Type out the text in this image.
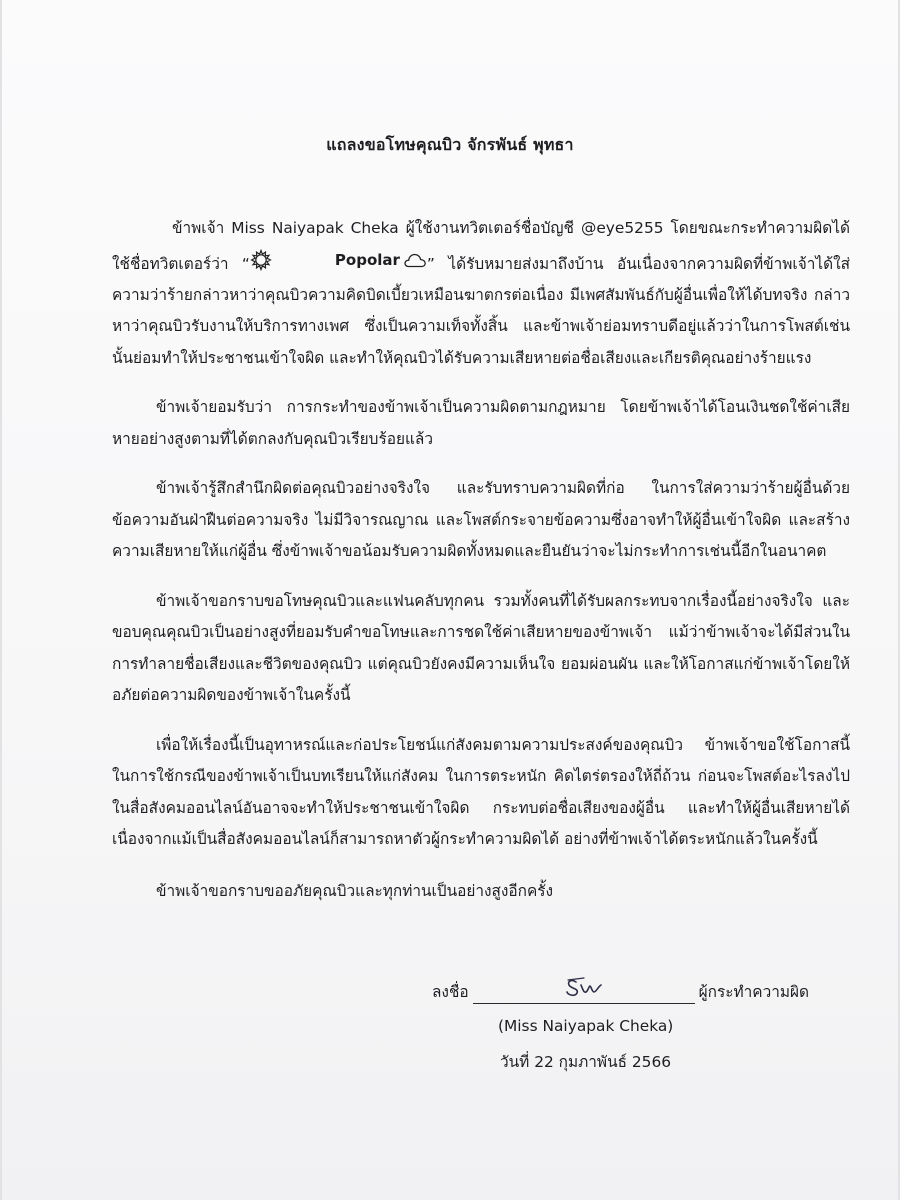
แถลงขอโทษคุณบิว จักรพันธ์ พุทธา

ข้าพเจ้า Miss Naiyapak Cheka ผู้ใช้งานทวิตเตอร์ชื่อบัญชี @eye5255 โดยขณะกระทำความผิดได้ใช้ชื่อทวิตเตอร์ว่า “	Popolar ” ได้รับหมายส่งมาถึงบ้าน อันเนื่องจากความผิดที่ข้าพเจ้าได้ใส่ความว่าร้ายกล่าวหาว่าคุณบิวความคิดบิดเบี้ยวเหมือนฆาตกรต่อเนื่อง มีเพศสัมพันธ์กับผู้อื่นเพื่อให้ได้บทจริง กล่าวหาว่าคุณบิวรับงานให้บริการทางเพศ ซึ่งเป็นความเท็จทั้งสิ้น และข้าพเจ้าย่อมทราบดีอยู่แล้วว่าในการโพสต์เช่นนั้นย่อมทำให้ประชาชนเข้าใจผิด และทำให้คุณบิวได้รับความเสียหายต่อชื่อเสียงและเกียรติคุณอย่างร้ายแรง

ข้าพเจ้ายอมรับว่า การกระทำของข้าพเจ้าเป็นความผิดตามกฎหมาย โดยข้าพเจ้าได้โอนเงินชดใช้ค่าเสียหายอย่างสูงตามที่ได้ตกลงกับคุณบิวเรียบร้อยแล้ว

ข้าพเจ้ารู้สึกสำนึกผิดต่อคุณบิวอย่างจริงใจ และรับทราบความผิดที่ก่อ ในการใส่ความว่าร้ายผู้อื่นด้วยข้อความอันฝ่าฝืนต่อความจริง ไม่มีวิจารณญาณ และโพสต์กระจายข้อความซึ่งอาจทำให้ผู้อื่นเข้าใจผิด และสร้างความเสียหายให้แก่ผู้อื่น ซึ่งข้าพเจ้าขอน้อมรับความผิดทั้งหมดและยืนยันว่าจะไม่กระทำการเช่นนี้อีกในอนาคต

ข้าพเจ้าขอกราบขอโทษคุณบิวและแฟนคลับทุกคน รวมทั้งคนที่ได้รับผลกระทบจากเรื่องนี้อย่างจริงใจ และขอบคุณคุณบิวเป็นอย่างสูงที่ยอมรับคำขอโทษและการชดใช้ค่าเสียหายของข้าพเจ้า แม้ว่าข้าพเจ้าจะได้มีส่วนในการทำลายชื่อเสียงและชีวิตของคุณบิว แต่คุณบิวยังคงมีความเห็นใจ ยอมผ่อนผัน และให้โอกาสแก่ข้าพเจ้าโดยให้อภัยต่อความผิดของข้าพเจ้าในครั้งนี้

เพื่อให้เรื่องนี้เป็นอุทาหรณ์และก่อประโยชน์แก่สังคมตามความประสงค์ของคุณบิว ข้าพเจ้าขอใช้โอกาสนี้ในการใช้กรณีของข้าพเจ้าเป็นบทเรียนให้แก่สังคม ในการตระหนัก คิดไตร่ตรองให้ถี่ถ้วน ก่อนจะโพสต์อะไรลงไปในสื่อสังคมออนไลน์อันอาจจะทำให้ประชาชนเข้าใจผิด กระทบต่อชื่อเสียงของผู้อื่น และทำให้ผู้อื่นเสียหายได้เนื่องจากแม้เป็นสื่อสังคมออนไลน์ก็สามารถหาตัวผู้กระทำความผิดได้ อย่างที่ข้าพเจ้าได้ตระหนักแล้วในครั้งนี้

ข้าพเจ้าขอกราบขออภัยคุณบิวและทุกท่านเป็นอย่างสูงอีกครั้ง

ลงชื่อ	ผู้กระทำความผิด
(Miss Naiyapak Cheka)
วันที่ 22 กุมภาพันธ์ 2566
